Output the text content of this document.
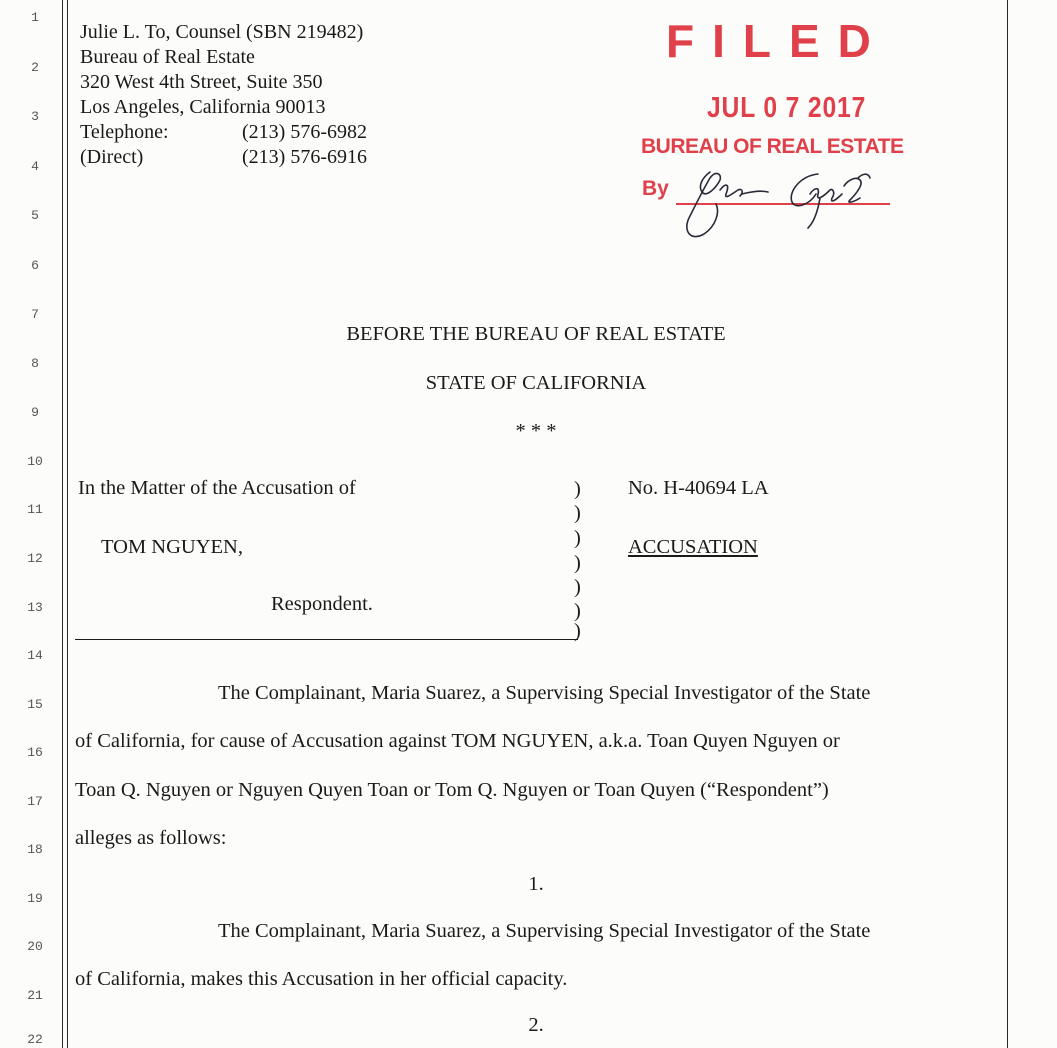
1
2
3
4
5
6
7
8
9
10
11
12
13
14
15
16
17
18
19
20
21
22
Julie L. To, Counsel (SBN 219482)
Bureau of Real Estate
320 West 4th Street, Suite 350
Los Angeles, California 90013
Telephone:	(213) 576-6982
(Direct)	(213) 576-6916
FILED
JUL 0 7 2017
BUREAU OF REAL ESTATE
By
BEFORE THE BUREAU OF REAL ESTATE
STATE OF CALIFORNIA
* * *
In the Matter of the Accusation of
TOM NGUYEN,
Respondent.
)
)
)
)
)
)
)
No. H-40694 LA
ACCUSATION
The Complainant, Maria Suarez, a Supervising Special Investigator of the State
of California, for cause of Accusation against TOM NGUYEN, a.k.a. Toan Quyen Nguyen or
Toan Q. Nguyen or Nguyen Quyen Toan or Tom Q. Nguyen or Toan Quyen (“Respondent”)
alleges as follows:
1.
The Complainant, Maria Suarez, a Supervising Special Investigator of the State
of California, makes this Accusation in her official capacity.
2.
